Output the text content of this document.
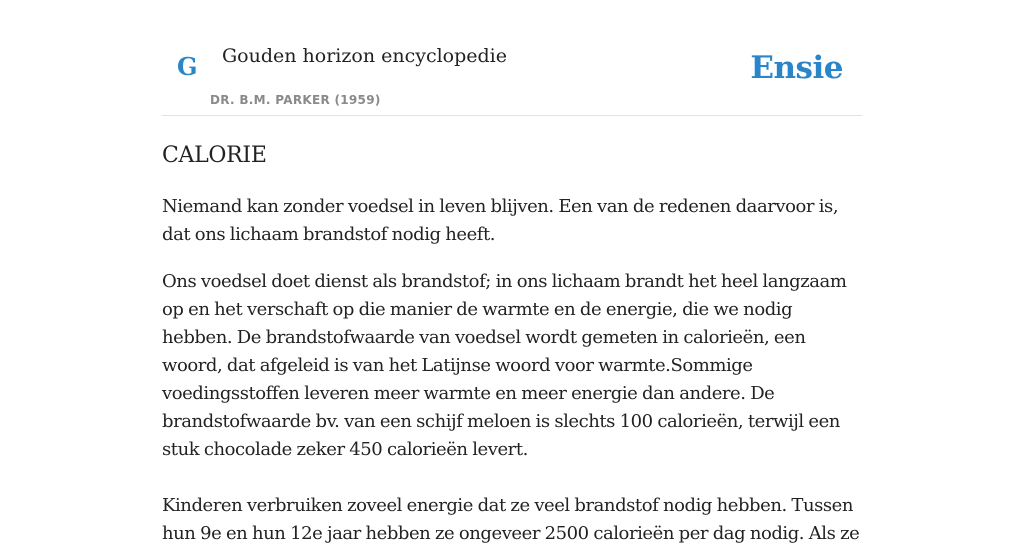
G Gouden horizon encyclopedie
DR. B.M. PARKER (1959)
Ensie
CALORIE

Niemand kan zonder voedsel in leven blijven. Een van de redenen daarvoor is, dat ons lichaam brandstof nodig heeft.

Ons voedsel doet dienst als brandstof; in ons lichaam brandt het heel langzaam op en het verschaft op die manier de warmte en de energie, die we nodig hebben. De brandstofwaarde van voedsel wordt gemeten in calorieën, een woord, dat afgeleid is van het Latijnse woord voor warmte.Sommige voedingsstoffen leveren meer warmte en meer energie dan andere. De brandstofwaarde bv. van een schijf meloen is slechts 100 calorieën, terwijl een stuk chocolade zeker 450 calorieën levert.

Kinderen verbruiken zoveel energie dat ze veel brandstof nodig hebben. Tussen hun 9e en hun 12e jaar hebben ze ongeveer 2500 calorieën per dag nodig. Als ze
